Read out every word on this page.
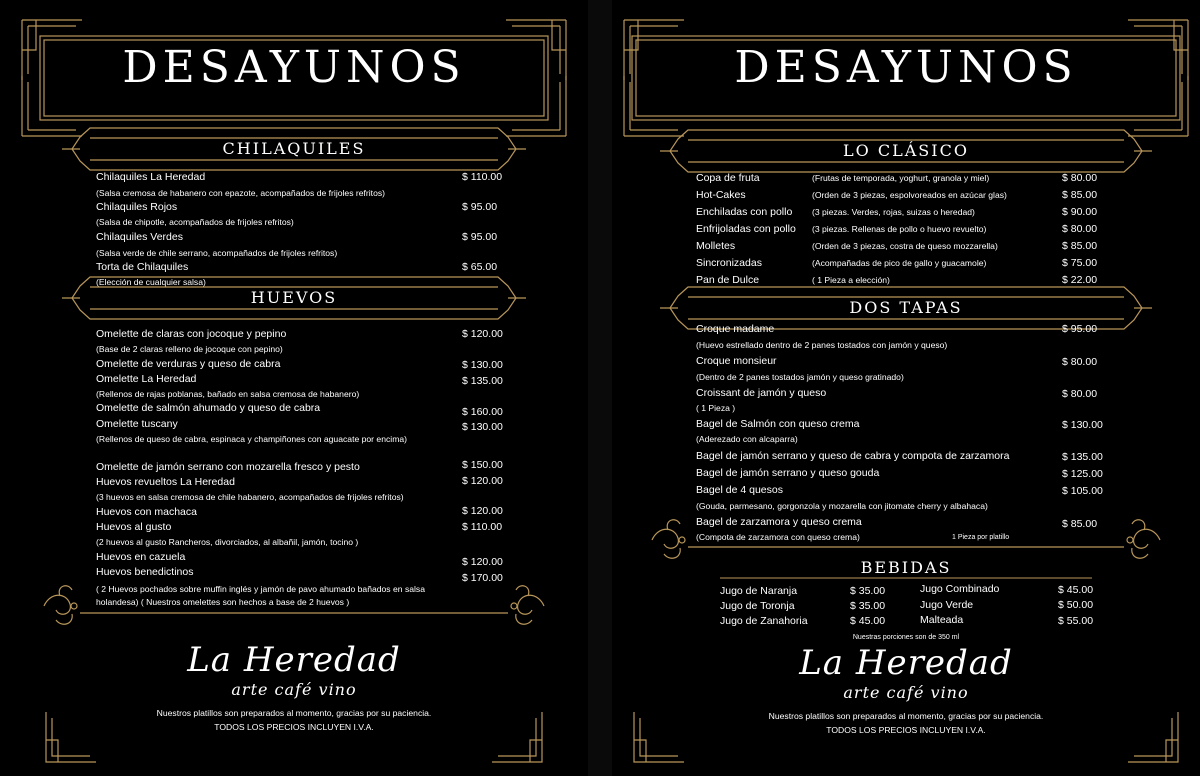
DESAYUNOS
CHILAQUILES
Chilaquiles La Heredad	$ 110.00
(Salsa cremosa de habanero con epazote, acompañados de frijoles refritos)
Chilaquiles Rojos	$ 95.00
(Salsa de chipotle, acompañados de frijoles refritos)
Chilaquiles Verdes	$ 95.00
(Salsa verde de chile serrano, acompañados de frijoles refritos)
Torta de Chilaquiles	$ 65.00
(Elección de cualquier salsa)
HUEVOS
Omelette de claras con jocoque y pepino	$ 120.00
(Base de 2 claras relleno de jocoque con pepino)
Omelette de verduras y queso de cabra	$ 130.00
Omelette La Heredad	$ 135.00
(Rellenos de rajas poblanas, bañado en salsa cremosa de habanero)
Omelette de salmón ahumado y queso de cabra	$ 160.00
Omelette tuscany	$ 130.00
(Rellenos de queso de cabra, espinaca y champiñones con aguacate por encima)
Omelette de jamón serrano con mozarella fresco y pesto	$ 150.00
Huevos revueltos La Heredad	$ 120.00
(3 huevos en salsa cremosa de chile habanero, acompañados de frijoles refritos)
Huevos con machaca	$ 120.00
Huevos al gusto	$ 110.00
(2 huevos al gusto Rancheros, divorciados, al albañil, jamón, tocino )
Huevos en cazuela	$ 120.00
Huevos benedictinos	$ 170.00
( 2 Huevos pochados sobre muffin inglés y jamón de pavo ahumado bañados en salsa holandesa) ( Nuestros omelettes son hechos a base de 2 huevos )
La Heredad
arte café vino
Nuestros platillos son preparados al momento, gracias por su paciencia.
TODOS LOS PRECIOS INCLUYEN I.V.A.
DESAYUNOS
LO CLÁSICO
Copa de fruta	(Frutas de temporada, yoghurt, granola y miel)	$ 80.00
Hot-Cakes	(Orden de 3 piezas, espolvoreados en azúcar glas)	$ 85.00
Enchiladas con pollo (3 piezas. Verdes, rojas, suizas o heredad)	$ 90.00
Enfrijoladas con pollo (3 piezas. Rellenas de pollo o huevo revuelto)	$ 80.00
Molletes	(Orden de 3 piezas, costra de queso mozzarella)	$ 85.00
Sincronizadas	(Acompañadas de pico de gallo y guacamole)	$ 75.00
Pan de Dulce	( 1 Pieza a elección)	$ 22.00
DOS TAPAS
Croque madame	$ 95.00
(Huevo estrellado dentro de 2 panes tostados con jamón y queso)
Croque monsieur	$ 80.00
(Dentro de 2 panes tostados jamón y queso gratinado)
Croissant de jamón y queso	$ 80.00
( 1 Pieza )
Bagel de Salmón con queso crema	$ 130.00
(Aderezado con alcaparra)
Bagel de jamón serrano y queso de cabra y compota de zarzamora	$ 135.00
Bagel de jamón serrano y queso gouda	$ 125.00
Bagel de 4 quesos	$ 105.00
(Gouda, parmesano, gorgonzola y mozarella con jitomate cherry y albahaca)
Bagel de zarzamora y queso crema	$ 85.00
(Compota de zarzamora con queso crema)	1 Pieza por platillo
BEBIDAS
Jugo de Naranja	$ 35.00
Jugo de Toronja	$ 35.00
Jugo de Zanahoria	$ 45.00
Jugo Combinado	$ 45.00
Jugo Verde	$ 50.00
Malteada	$ 55.00
Nuestras porciones son de 350 ml
La Heredad
arte café vino
Nuestros platillos son preparados al momento, gracias por su paciencia.
TODOS LOS PRECIOS INCLUYEN I.V.A.
